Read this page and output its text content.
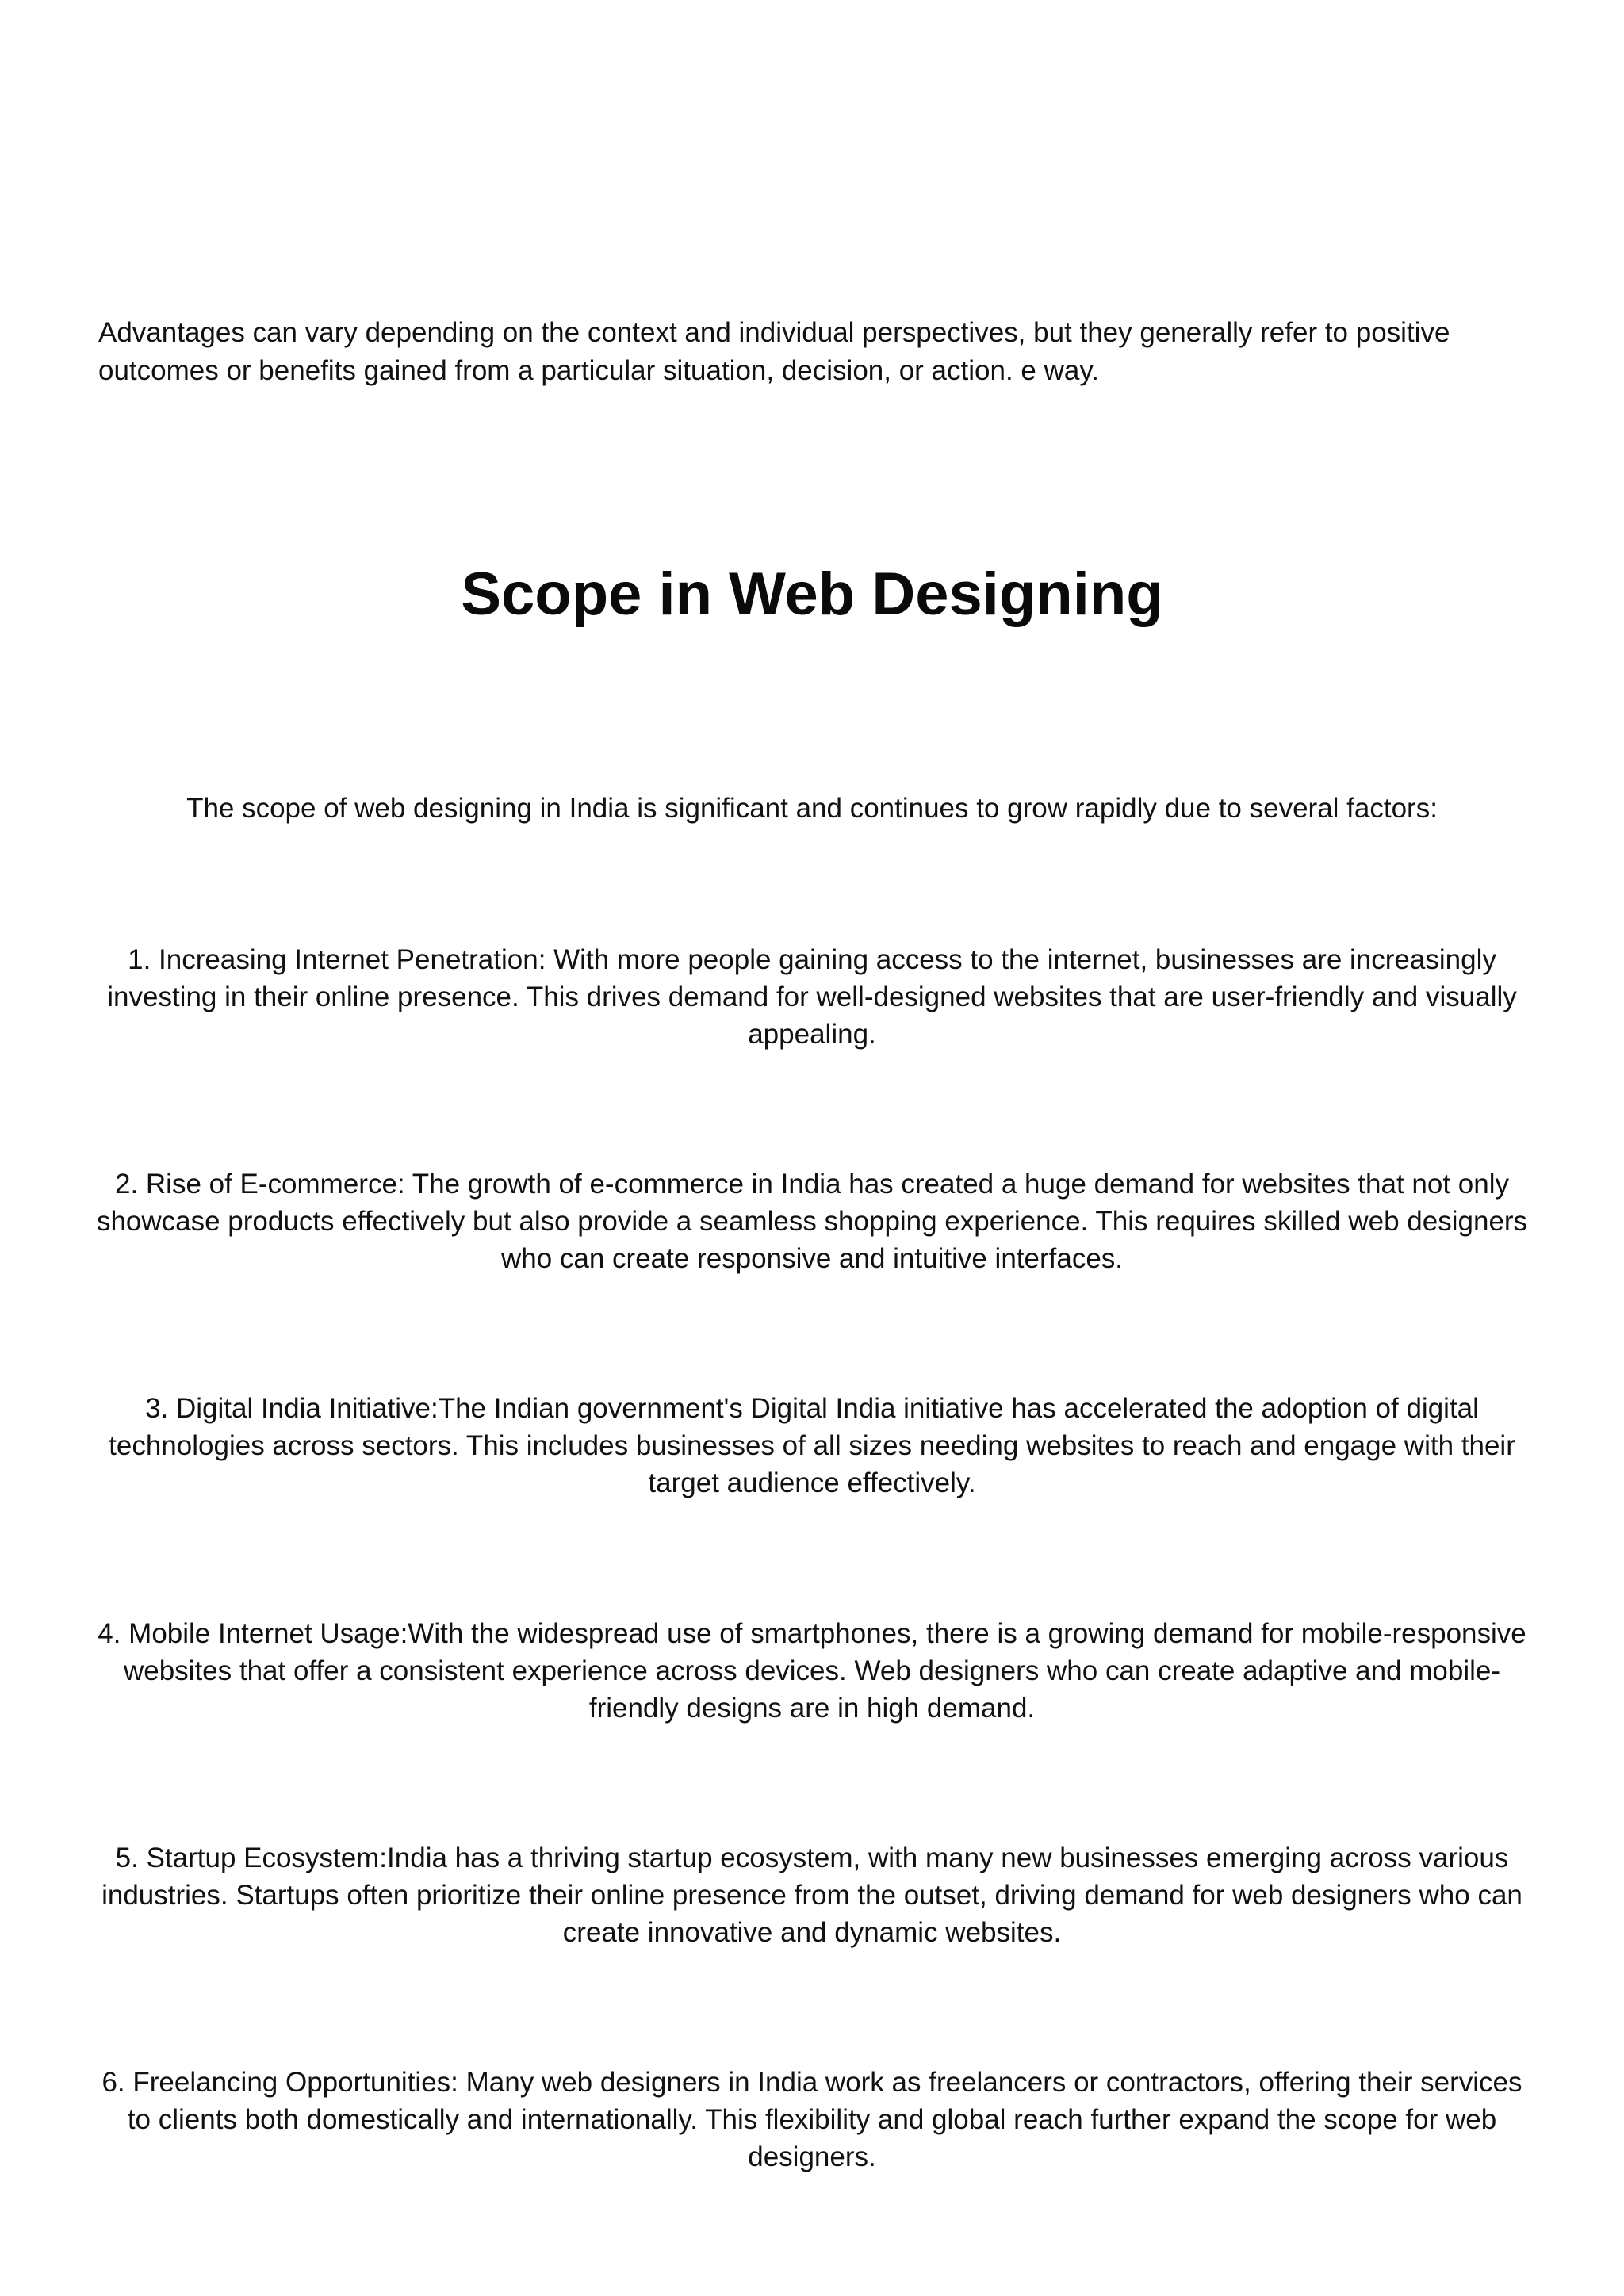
Advantages can vary depending on the context and individual perspectives, but they generally refer to positive outcomes or benefits gained from a particular situation, decision, or action. e way.

Scope in Web Designing

The scope of web designing in India is significant and continues to grow rapidly due to several factors:

1. Increasing Internet Penetration: With more people gaining access to the internet, businesses are increasingly investing in their online presence. This drives demand for well-designed websites that are user-friendly and visually appealing.

2. Rise of E-commerce: The growth of e-commerce in India has created a huge demand for websites that not only showcase products effectively but also provide a seamless shopping experience. This requires skilled web designers who can create responsive and intuitive interfaces.

3. Digital India Initiative:The Indian government's Digital India initiative has accelerated the adoption of digital technologies across sectors. This includes businesses of all sizes needing websites to reach and engage with their target audience effectively.

4. Mobile Internet Usage:With the widespread use of smartphones, there is a growing demand for mobile-responsive websites that offer a consistent experience across devices. Web designers who can create adaptive and mobile-friendly designs are in high demand.

5. Startup Ecosystem:India has a thriving startup ecosystem, with many new businesses emerging across various industries. Startups often prioritize their online presence from the outset, driving demand for web designers who can create innovative and dynamic websites.

6. Freelancing Opportunities: Many web designers in India work as freelancers or contractors, offering their services to clients both domestically and internationally. This flexibility and global reach further expand the scope for web designers.
